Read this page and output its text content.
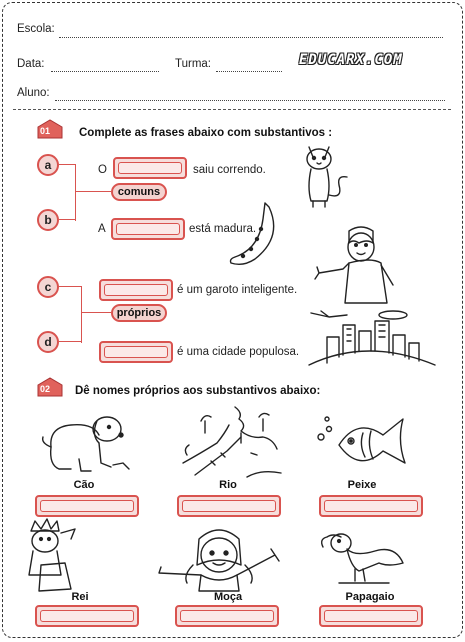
Escola:
Data:	Turma:	EDUCARX.COM
Aluno:
01	Complete as frases abaixo com substantivos :
a	O	saiu correndo.
comuns
b
A	está madura.
c	é um garoto inteligente.
próprios
d
é uma cidade populosa.
02 Dê nomes próprios aos substantivos abaixo:
Cão	Rio	Peixe
Rei	Moça	Papagaio
